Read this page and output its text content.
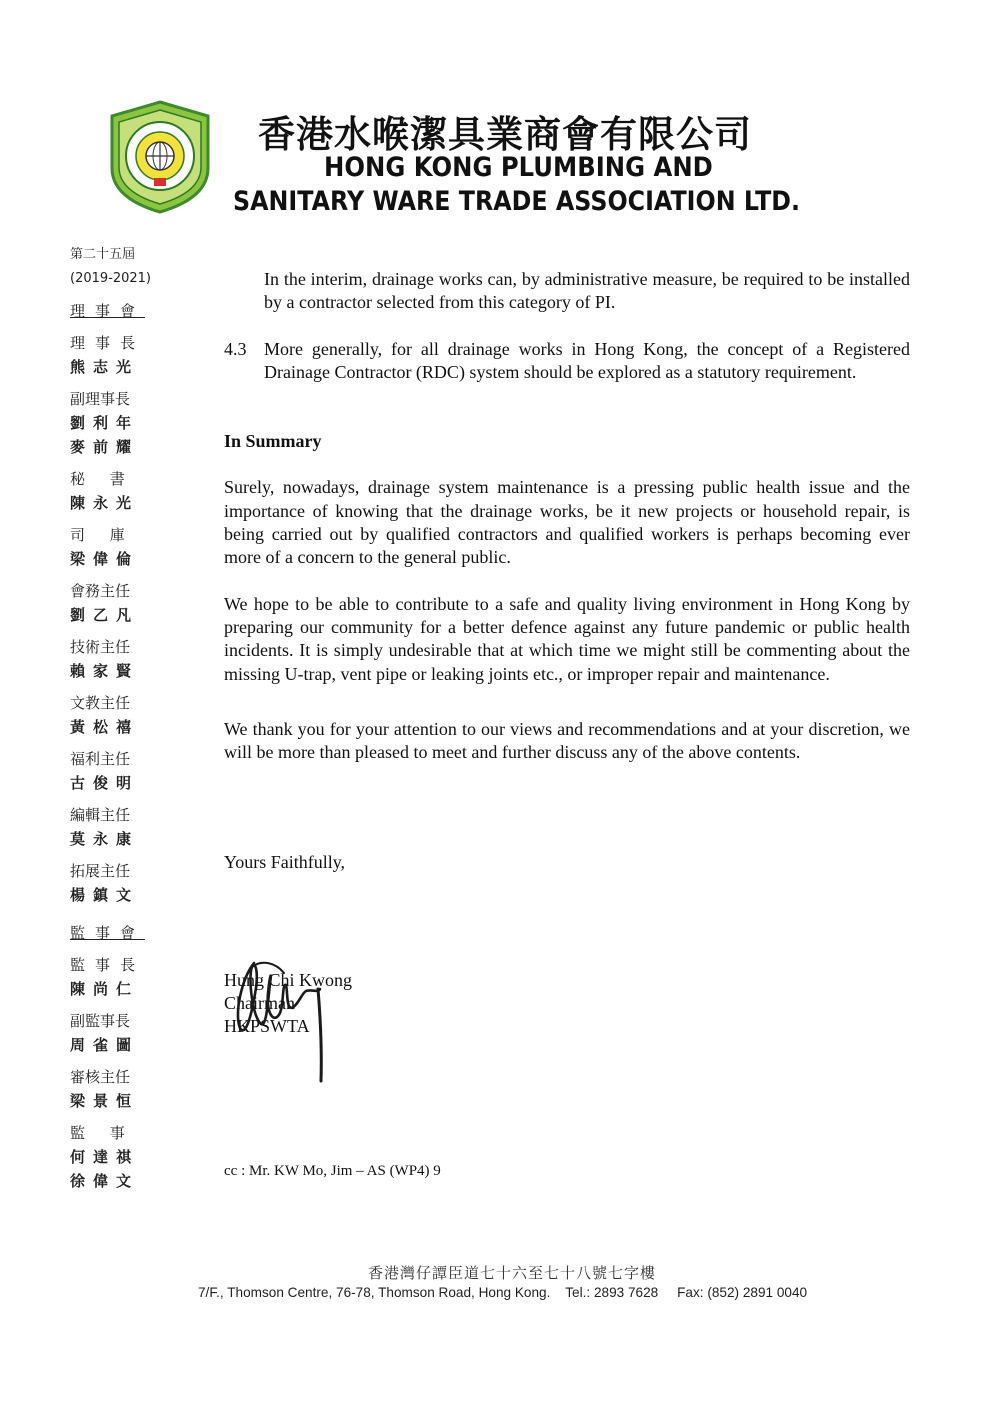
香港水喉潔具業商會有限公司
HONG KONG PLUMBING AND
SANITARY WARE TRADE ASSOCIATION LTD.
第二十五屆
(2019-2021)
理事會
理事長
熊志光
副理事長
劉利年
麥前耀
秘 書
陳永光
司 庫
梁偉倫
會務主任
劉乙凡
技術主任
賴家賢
文教主任
黃松禧
福利主任
古俊明
編輯主任
莫永康
拓展主任
楊鎮文
監事會
監事長
陳尚仁
副監事長
周雀圖
審核主任
梁景恒
監 事
何達祺
徐偉文

In the interim, drainage works can, by administrative measure, be required to be installed by a contractor selected from this category of PI.

4.3 More generally, for all drainage works in Hong Kong, the concept of a Registered Drainage Contractor (RDC) system should be explored as a statutory requirement.

In Summary

Surely, nowadays, drainage system maintenance is a pressing public health issue and the importance of knowing that the drainage works, be it new projects or household repair, is being carried out by qualified contractors and qualified workers is perhaps becoming ever more of a concern to the general public.

We hope to be able to contribute to a safe and quality living environment in Hong Kong by preparing our community for a better defence against any future pandemic or public health incidents. It is simply undesirable that at which time we might still be commenting about the missing U-trap, vent pipe or leaking joints etc., or improper repair and maintenance.

We thank you for your attention to our views and recommendations and at your discretion, we will be more than pleased to meet and further discuss any of the above contents.

Yours Faithfully,

Hung Chi Kwong

Chairman

HKPSWTA

cc : Mr. KW Mo, Jim – AS (WP4) 9
香港灣仔譚臣道七十六至七十八號七字樓
7/F., Thomson Centre, 76-78, Thomson Road, Hong Kong. Tel.: 2893 7628 Fax: (852) 2891 0040
